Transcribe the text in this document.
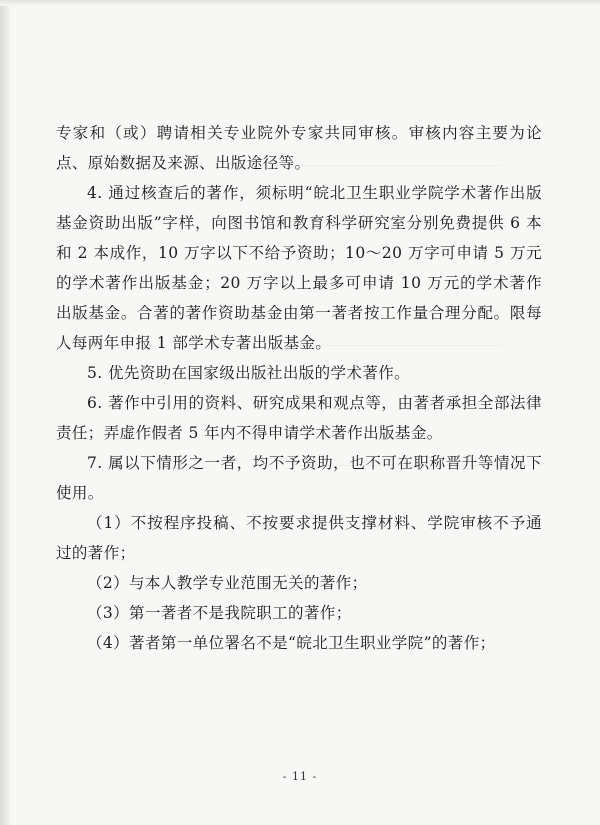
专家和（或）聘请相关专业院外专家共同审核。审核内容主要为论点、原始数据及来源、出版途径等。

4. 通过核查后的著作，须标明“皖北卫生职业学院学术著作出版基金资助出版”字样，向图书馆和教育科学研究室分别免费提供 6 本和 2 本成作，10 万字以下不给予资助；10～20 万字可申请 5 万元的学术著作出版基金；20 万字以上最多可申请 10 万元的学术著作出版基金。合著的著作资助基金由第一著者按工作量合理分配。限每人每两年申报 1 部学术专著出版基金。

5. 优先资助在国家级出版社出版的学术著作。

6. 著作中引用的资料、研究成果和观点等，由著者承担全部法律责任；弄虚作假者 5 年内不得申请学术著作出版基金。

7. 属以下情形之一者，均不予资助，也不可在职称晋升等情况下使用。

（1）不按程序投稿、不按要求提供支撑材料、学院审核不予通过的著作；

（2）与本人教学专业范围无关的著作；

（3）第一著者不是我院职工的著作；

（4）著者第一单位署名不是“皖北卫生职业学院”的著作；

- 11 -
